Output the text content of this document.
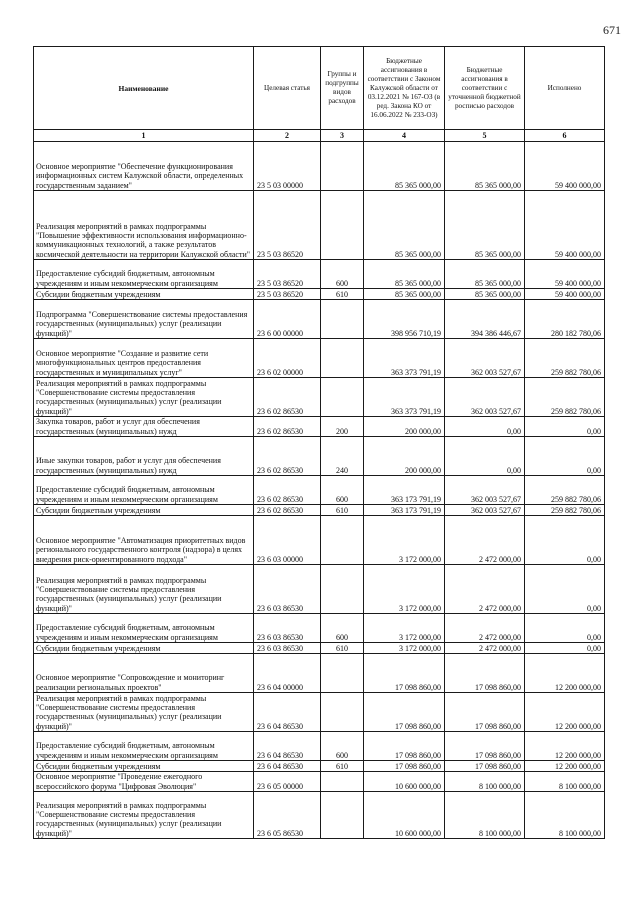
671
Наименование	Целевая статья	Группы и подгруппы видов расходов	Бюджетные ассигнования в соответствии с Законом Калужской области от 03.12.2021 № 167-ОЗ (в ред. Закона КО от 16.06.2022 № 233-ОЗ)	Бюджетные ассигнования в соответствии с уточненной бюджетной росписью расходов	Исполнено
1	2	3	4	5	6
Основное мероприятие "Обеспечение функционирования информационных систем Калужской области, определенных государственным заданием"	23 5 03 00000		85 365 000,00	85 365 000,00	59 400 000,00
Реализация мероприятий в рамках подпрограммы "Повышение эффективности использования информационно-коммуникационных технологий, а также результатов космической деятельности на территории Калужской области"	23 5 03 86520		85 365 000,00	85 365 000,00	59 400 000,00
Предоставление субсидий бюджетным, автономным учреждениям и иным некоммерческим организациям	23 5 03 86520	600	85 365 000,00	85 365 000,00	59 400 000,00
Субсидии бюджетным учреждениям	23 5 03 86520	610	85 365 000,00	85 365 000,00	59 400 000,00
Подпрограмма "Совершенствование системы предоставления государственных (муниципальных) услуг (реализации функций)"	23 6 00 00000		398 956 710,19	394 386 446,67	280 182 780,06
Основное мероприятие "Создание и развитие сети многофункциональных центров предоставления государственных и муниципальных услуг"	23 6 02 00000		363 373 791,19	362 003 527,67	259 882 780,06
Реализация мероприятий в рамках подпрограммы "Совершенствование системы предоставления государственных (муниципальных) услуг (реализации функций)"	23 6 02 86530		363 373 791,19	362 003 527,67	259 882 780,06
Закупка товаров, работ и услуг для обеспечения государственных (муниципальных) нужд	23 6 02 86530	200	200 000,00	0,00	0,00
Иные закупки товаров, работ и услуг для обеспечения государственных (муниципальных) нужд	23 6 02 86530	240	200 000,00	0,00	0,00
Предоставление субсидий бюджетным, автономным учреждениям и иным некоммерческим организациям	23 6 02 86530	600	363 173 791,19	362 003 527,67	259 882 780,06
Субсидии бюджетным учреждениям	23 6 02 86530	610	363 173 791,19	362 003 527,67	259 882 780,06
Основное мероприятие "Автоматизация приоритетных видов регионального государственного контроля (надзора) в целях внедрения риск-ориентированного подхода"	23 6 03 00000		3 172 000,00	2 472 000,00	0,00
Реализация мероприятий в рамках подпрограммы "Совершенствование системы предоставления государственных (муниципальных) услуг (реализации функций)"	23 6 03 86530		3 172 000,00	2 472 000,00	0,00
Предоставление субсидий бюджетным, автономным учреждениям и иным некоммерческим организациям	23 6 03 86530	600	3 172 000,00	2 472 000,00	0,00
Субсидии бюджетным учреждениям	23 6 03 86530	610	3 172 000,00	2 472 000,00	0,00
Основное мероприятие "Сопровождение и мониторинг реализации региональных проектов"	23 6 04 00000		17 098 860,00	17 098 860,00	12 200 000,00
Реализация мероприятий в рамках подпрограммы "Совершенствование системы предоставления государственных (муниципальных) услуг (реализации функций)"	23 6 04 86530		17 098 860,00	17 098 860,00	12 200 000,00
Предоставление субсидий бюджетным, автономным учреждениям и иным некоммерческим организациям	23 6 04 86530	600	17 098 860,00	17 098 860,00	12 200 000,00
Субсидии бюджетным учреждениям	23 6 04 86530	610	17 098 860,00	17 098 860,00	12 200 000,00
Основное мероприятие "Проведение ежегодного всероссийского форума "Цифровая Эволюция"	23 6 05 00000		10 600 000,00	8 100 000,00	8 100 000,00
Реализация мероприятий в рамках подпрограммы "Совершенствование системы предоставления государственных (муниципальных) услуг (реализации функций)"	23 6 05 86530		10 600 000,00	8 100 000,00	8 100 000,00
